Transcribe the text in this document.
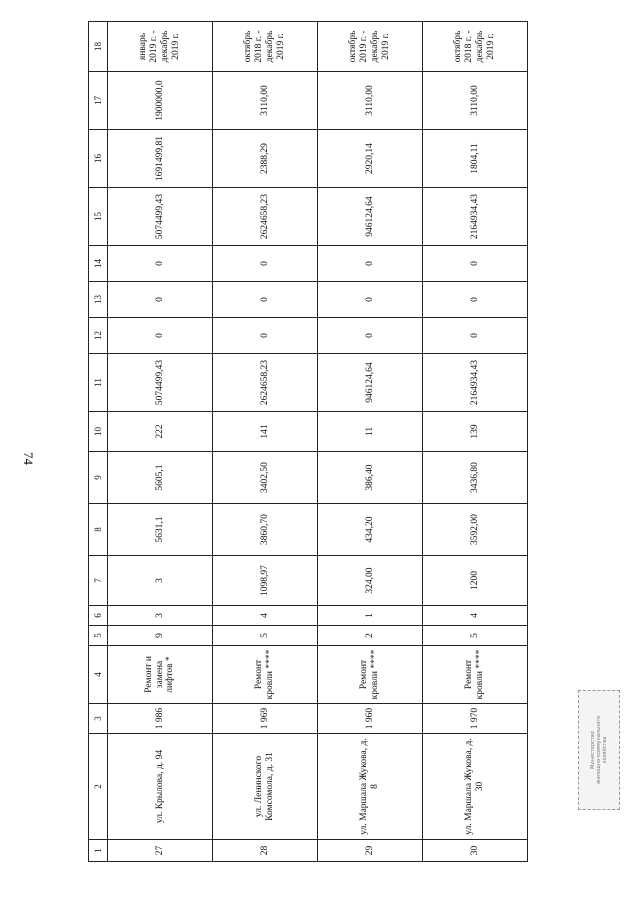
74
1	2	3	4	5	6	7	8	9	10	11	12	13	14	15	16	17	18
27	ул. Крылова, д. 94	1 986	Ремонт и замена лифтов *	9	3	3	5631,1	5605,1	222	5074499,43	0	0	0	5074499,43	1691499,81	1900000,0	январь 2019 г. - декабрь 2019 г.
28	ул. Ленинского Комсомола, д. 31	1 969	Ремонт кровли ****	5	4	1098,97	3860,70	3402,50	141	2624658,23	0	0	0	2624658,23	2388,29	3110,00	октябрь 2018 г. - декабрь 2019 г.
29	ул. Маршала Жукова, д. 8	1 960	Ремонт кровли ****	2	1	324,00	434,20	386,40	11	946124,64	0	0	0	946124,64	2920,14	3110,00	октябрь 2019 г. - декабрь 2019 г.
30	ул. Маршала Жукова, д. 30	1 970	Ремонт кровли ****	5	4	1200	3592,00	3436,80	139	2164934,43	0	0	0	2164934,43	1804,11	3110,00	октябрь 2018 г. - декабрь 2019 г.
Министерство жилищно-коммунального хозяйства
